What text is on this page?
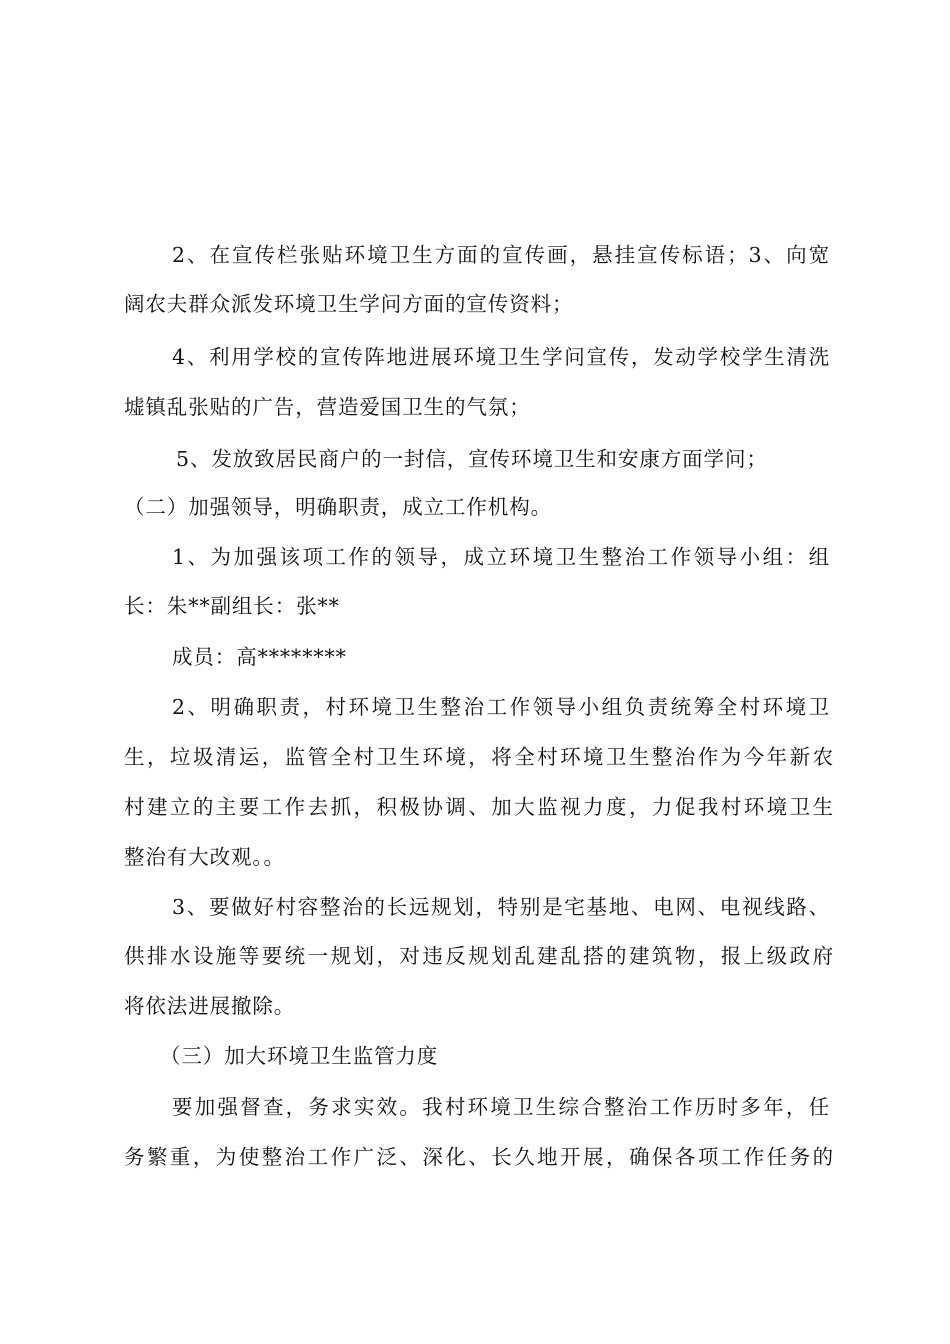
2、在宣传栏张贴环境卫生方面的宣传画，悬挂宣传标语；3、向宽
阔农夫群众派发环境卫生学问方面的宣传资料；
4、利用学校的宣传阵地进展环境卫生学问宣传，发动学校学生清洗
墟镇乱张贴的广告，营造爱国卫生的气氛；
5、发放致居民商户的一封信，宣传环境卫生和安康方面学问；
（二）加强领导，明确职责，成立工作机构。
1、为加强该项工作的领导，成立环境卫生整治工作领导小组：组
长：朱**副组长：张**
成员：高********
2、明确职责，村环境卫生整治工作领导小组负责统筹全村环境卫
生，垃圾清运，监管全村卫生环境，将全村环境卫生整治作为今年新农
村建立的主要工作去抓，积极协调、加大监视力度，力促我村环境卫生
整治有大改观。。
3、要做好村容整治的长远规划，特别是宅基地、电网、电视线路、
供排水设施等要统一规划，对违反规划乱建乱搭的建筑物，报上级政府
将依法进展撤除。
（三）加大环境卫生监管力度
要加强督查，务求实效。我村环境卫生综合整治工作历时多年，任
务繁重，为使整治工作广泛、深化、长久地开展，确保各项工作任务的
